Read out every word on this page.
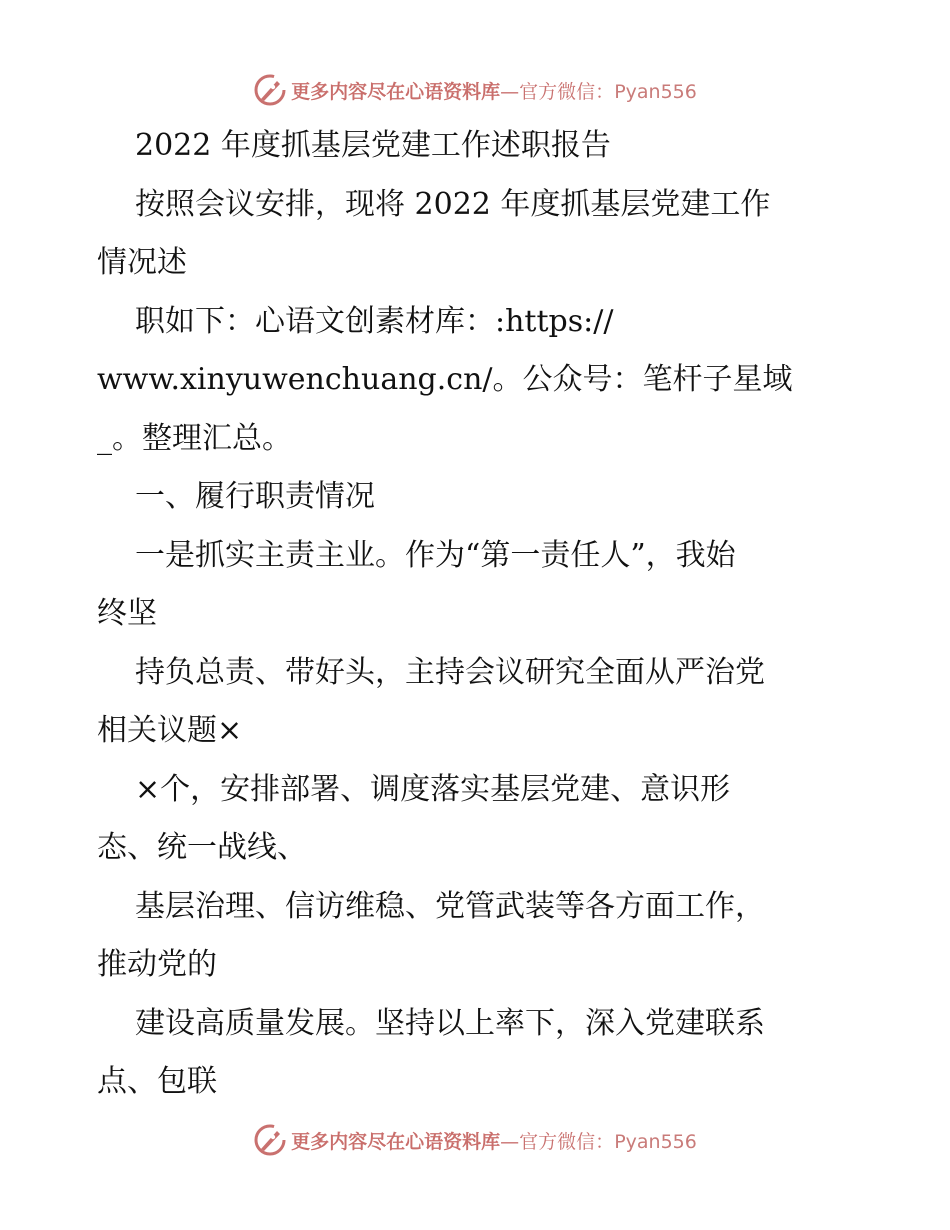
更多内容尽在心语资料库—官方微信：Pyan556
2022 年度抓基层党建工作述职报告
按照会议安排，现将 2022 年度抓基层党建工作
情况述
职如下：心语文创素材库：:https://
www.xinyuwenchuang.cn/。公众号：笔杆子星域
_。整理汇总。
一、履行职责情况
一是抓实主责主业。作为“第一责任人”，我始
终坚
持负总责、带好头，主持会议研究全面从严治党
相关议题×
×个，安排部署、调度落实基层党建、意识形
态、统一战线、
基层治理、信访维稳、党管武装等各方面工作，
推动党的
建设高质量发展。坚持以上率下，深入党建联系
点、包联
更多内容尽在心语资料库—官方微信：Pyan556
